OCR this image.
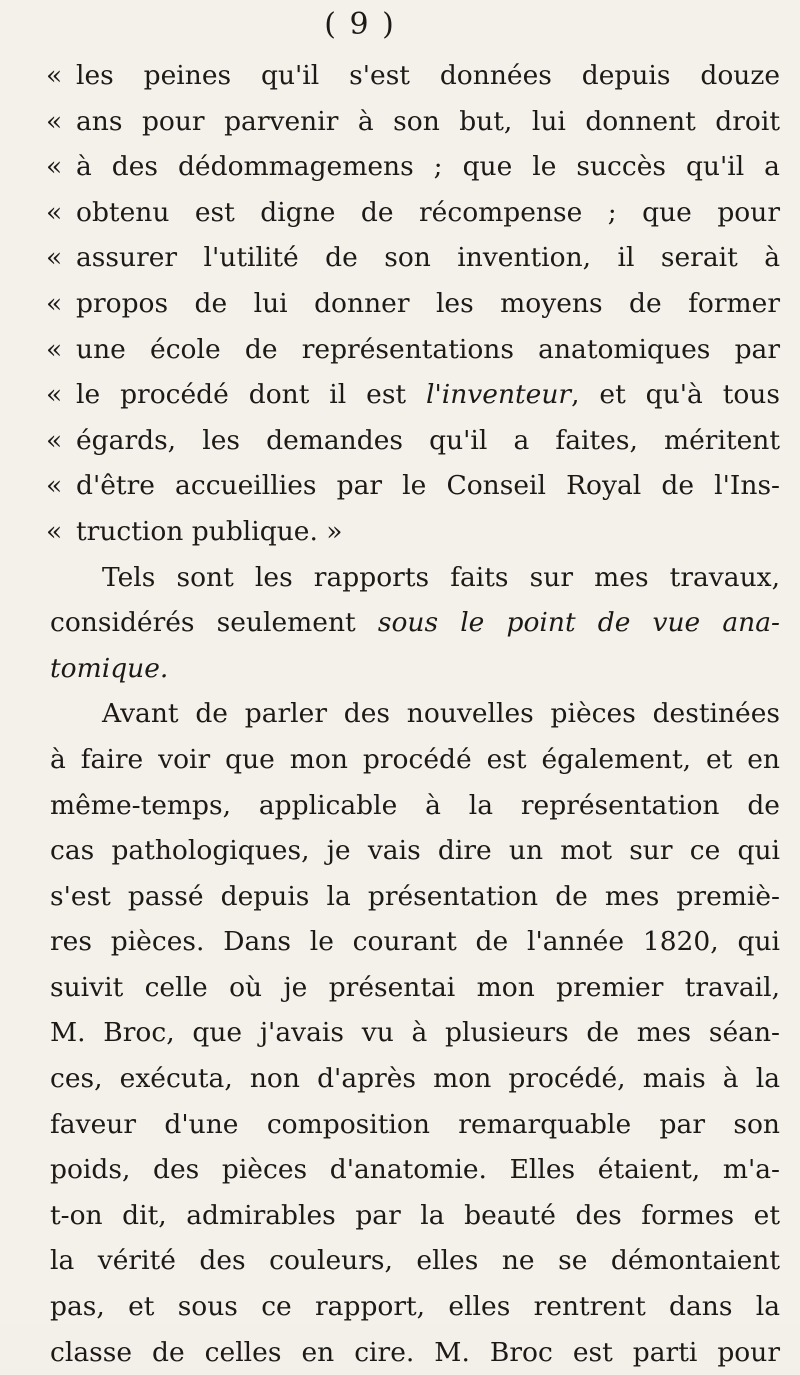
( 9 )
« les peines qu'il s'est données depuis douze
« ans pour parvenir à son but, lui donnent droit
« à des dédommagemens ; que le succès qu'il a
« obtenu est digne de récompense ; que pour
« assurer l'utilité de son invention, il serait à
« propos de lui donner les moyens de former
« une école de représentations anatomiques par
« le procédé dont il est l'inventeur, et qu'à tous
« égards, les demandes qu'il a faites, méritent
« d'être accueillies par le Conseil Royal de l'Ins-
« truction publique. »
Tels sont les rapports faits sur mes travaux,
considérés seulement sous le point de vue ana-
tomique.
Avant de parler des nouvelles pièces destinées
à faire voir que mon procédé est également, et en
même-temps, applicable à la représentation de
cas pathologiques, je vais dire un mot sur ce qui
s'est passé depuis la présentation de mes premiè-
res pièces. Dans le courant de l'année 1820, qui
suivit celle où je présentai mon premier travail,
M. Broc, que j'avais vu à plusieurs de mes séan-
ces, exécuta, non d'après mon procédé, mais à la
faveur d'une composition remarquable par son
poids, des pièces d'anatomie. Elles étaient, m'a-
t-on dit, admirables par la beauté des formes et
la vérité des couleurs, elles ne se démontaient
pas, et sous ce rapport, elles rentrent dans la
classe de celles en cire. M. Broc est parti pour
